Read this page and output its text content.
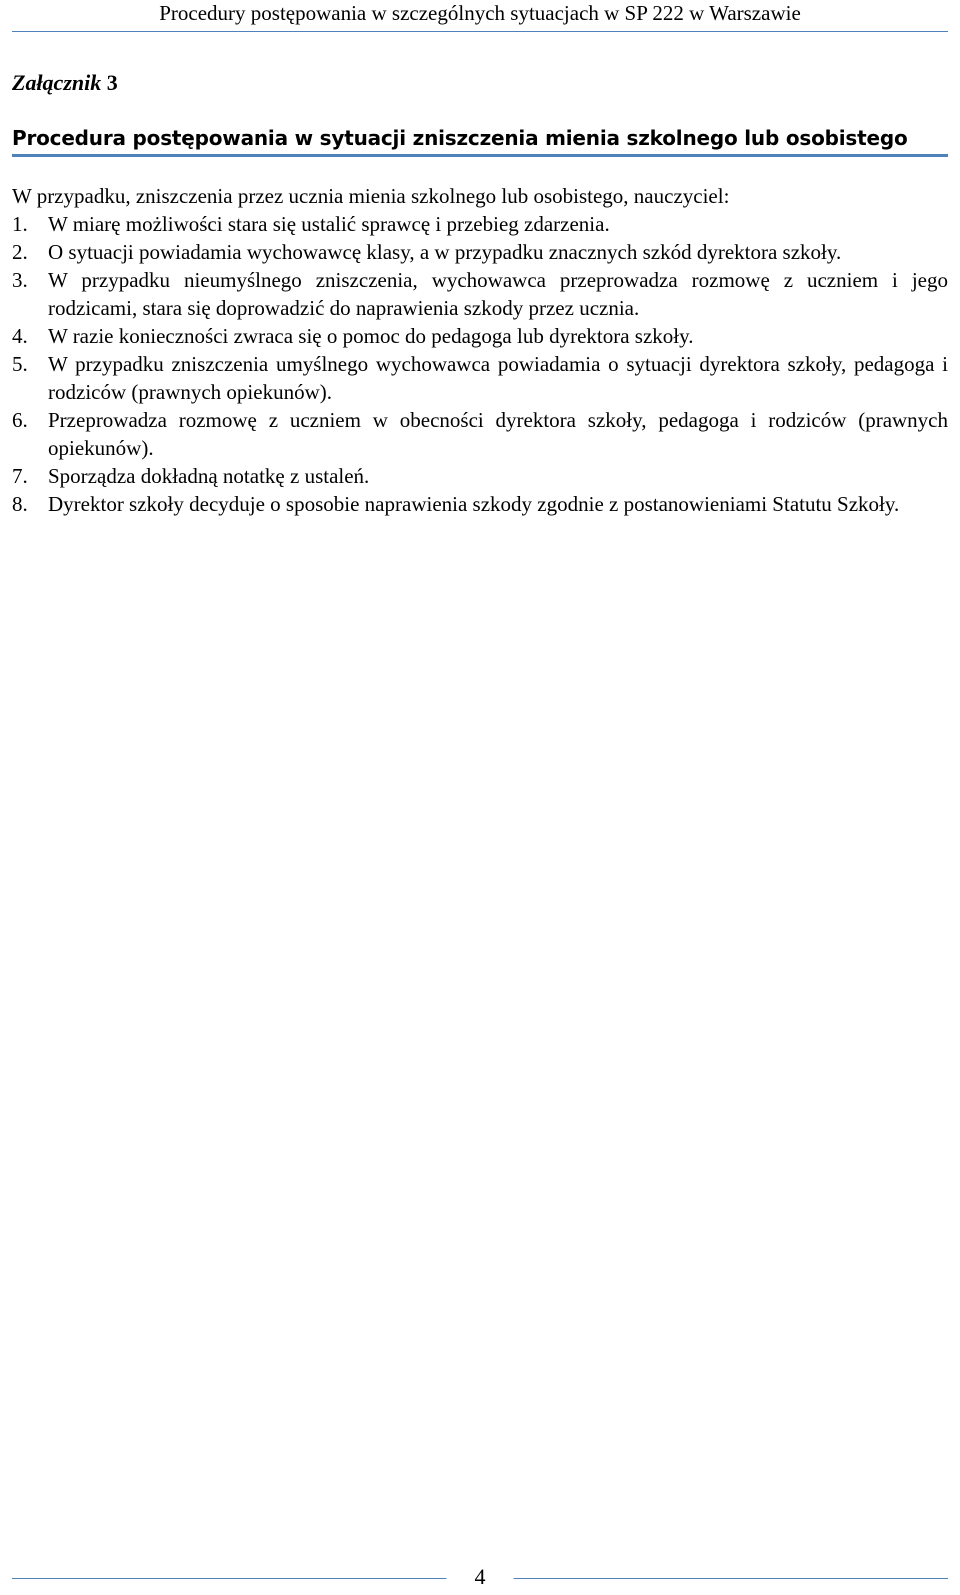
Procedury postępowania w szczególnych sytuacjach w SP 222 w Warszawie
Załącznik 3
Procedura postępowania w sytuacji zniszczenia mienia szkolnego lub osobistego

W przypadku, zniszczenia przez ucznia mienia szkolnego lub osobistego, nauczyciel:

1. W miarę możliwości stara się ustalić sprawcę i przebieg zdarzenia.
2. O sytuacji powiadamia wychowawcę klasy, a w przypadku znacznych szkód dyrektora szkoły.
3. W przypadku nieumyślnego zniszczenia, wychowawca przeprowadza rozmowę z uczniem i jego rodzicami, stara się doprowadzić do naprawienia szkody przez ucznia.
4. W razie konieczności zwraca się o pomoc do pedagoga lub dyrektora szkoły.
5. W przypadku zniszczenia umyślnego wychowawca powiadamia o sytuacji dyrektora szkoły, pedagoga i rodziców (prawnych opiekunów).
6. Przeprowadza rozmowę z uczniem w obecności dyrektora szkoły, pedagoga i rodziców (prawnych opiekunów).
7. Sporządza dokładną notatkę z ustaleń.
8. Dyrektor szkoły decyduje o sposobie naprawienia szkody zgodnie z postanowieniami Statutu Szkoły.
4
